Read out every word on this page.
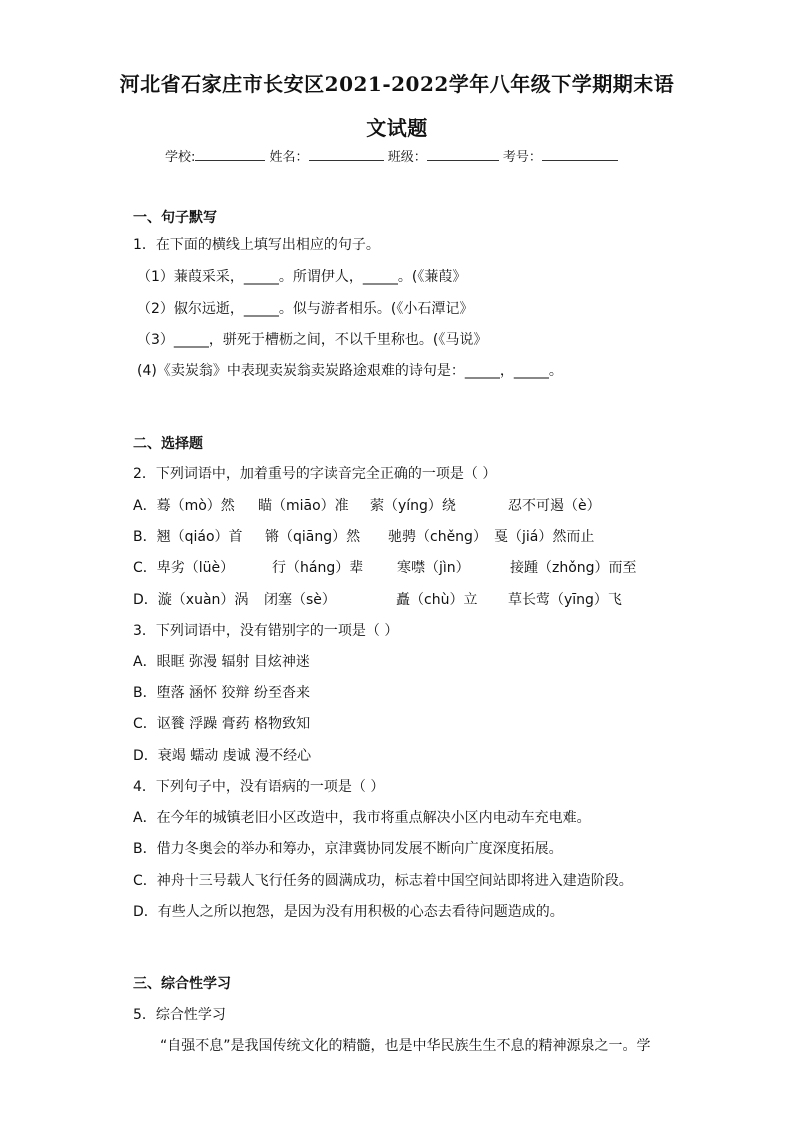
河北省石家庄市长安区2021-2022学年八年级下学期期末语
文试题
学校:	姓名：	班级：	考号：
一、句子默写
1．在下面的横线上填写出相应的句子。
（1）蒹葭采采，_____。所谓伊人，_____。(《蒹葭》
（2）俶尔远逝，_____。似与游者相乐。(《小石潭记》
（3）_____，骈死于槽枥之间，不以千里称也。(《马说》
(4)《卖炭翁》中表现卖炭翁卖炭路途艰难的诗句是：_____，_____。
二、选择题
2．下列词语中，加着重号的字读音完全正确的一项是（ ）
A．蓦（mò）然 瞄（miāo）准 萦（yíng）绕	忍不可遏（è）
B．翘（qiáo）首 锵（qiāng）然 驰骋（chěng） 戛（jiá）然而止
C．卑劣（lüè）	行（háng）辈 寒噤（jìn）	接踵（zhǒng）而至
D．漩（xuàn）涡 闭塞（sè）	矗（chù）立 草长莺（yīng）飞
3．下列词语中，没有错别字的一项是（ ）
A．眼眶 弥漫 辐射 目炫神迷
B．堕落 涵怀 狡辩 纷至沓来
C．讴餮 浮躁 膏药 格物致知
D．衰竭 蠕动 虔诚 漫不经心
4．下列句子中，没有语病的一项是（ ）
A．在今年的城镇老旧小区改造中，我市将重点解决小区内电动车充电难。
B．借力冬奥会的举办和筹办，京津冀协同发展不断向广度深度拓展。
C．神舟十三号载人飞行任务的圆满成功，标志着中国空间站即将进入建造阶段。
D．有些人之所以抱怨，是因为没有用积极的心态去看待问题造成的。
三、综合性学习
5．综合性学习
“自强不息”是我国传统文化的精髓，也是中华民族生生不息的精神源泉之一。学
